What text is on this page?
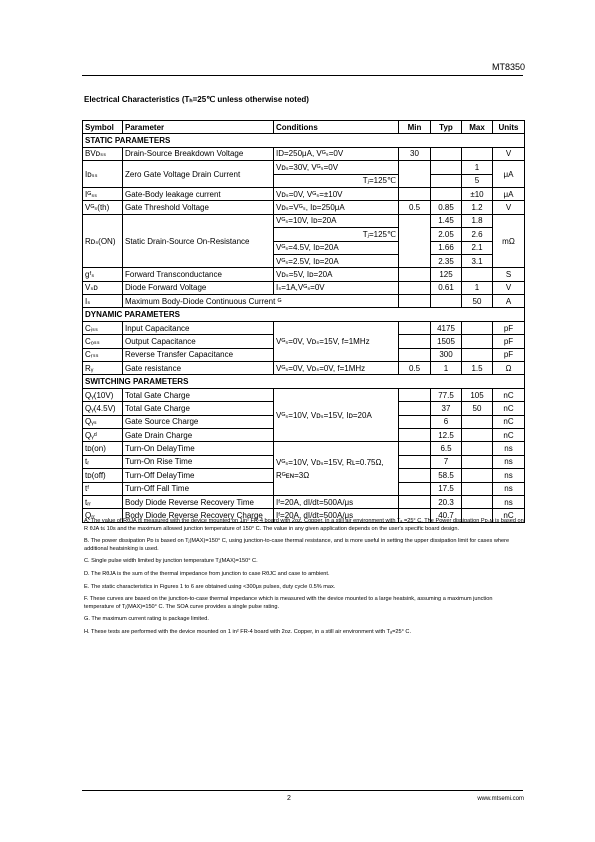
MT8350
Electrical Characteristics (Tₕ=25℃ unless otherwise noted)
Symbol	Parameter	Conditions	Min	Typ	Max	Units
STATIC PARAMETERS						
BVᴅₛₛ	Drain-Source Breakdown Voltage	ID=250μA, Vᴳₛ=0V	30			V
Iᴅₛₛ	Zero Gate Voltage Drain Current	Vᴅₛ=30V, Vᴳₛ=0V			1	μA
		Tⱼ=125℃			5	
Iᴳₛₛ	Gate-Body leakage current	Vᴅₛ=0V, Vᴳₛ=±10V			±10	μA
Vᴳₛ(th)	Gate Threshold Voltage	Vᴅₛ=Vᴳₛ, Iᴅ=250μA	0.5	0.85	1.2	V
Rᴅₛ(ON)	Static Drain-Source On-Resistance	Vᴳₛ=10V, Iᴅ=20A		1.45	1.8	mΩ
		Tⱼ=125℃		2.05	2.6	
		Vᴳₛ=4.5V, Iᴅ=20A		1.66	2.1	
		Vᴳₛ=2.5V, Iᴅ=20A		2.35	3.1	
gᶠₛ	Forward Transconductance	Vᴅₛ=5V, Iᴅ=20A		125		S
Vₛᴅ	Diode Forward Voltage	Iₛ=1A,Vᴳₛ=0V		0.61	1	V
Iₛ	Maximum Body-Diode Continuous Current ᴳ				50	A
DYNAMIC PARAMETERS						
Cᵢₛₛ	Input Capacitance	Vᴳₛ=0V, Vᴅₛ=15V, f=1MHz		4175		pF
Cₒₛₛ	Output Capacitance			1505		pF
Cᵣₛₛ	Reverse Transfer Capacitance			300		pF
Rᵧ	Gate resistance	Vᴳₛ=0V, Vᴅₛ=0V, f=1MHz	0.5	1	1.5	Ω
SWITCHING PARAMETERS						
Qᵧ(10V)	Total Gate Charge	Vᴳₛ=10V, Vᴅₛ=15V, Iᴅ=20A		77.5	105	nC
Qᵧ(4.5V)	Total Gate Charge			37	50	nC
Qᵧₛ	Gate Source Charge			6		nC
Qᵧᵈ	Gate Drain Charge			12.5		nC
tᴅ(on)	Turn-On DelayTime	Vᴳₛ=10V, Vᴅₛ=15V, Rʟ=0.75Ω,
Rᴳᴇɴ=3Ω		6.5		ns
tᵣ	Turn-On Rise Time			7		ns
tᴅ(off)	Turn-Off DelayTime			58.5		ns
tᶠ	Turn-Off Fall Time			17.5		ns
tᵣᵣ	Body Diode Reverse Recovery Time	Iᶠ=20A, dI/dt=500A/μs		20.3		ns
Qᵣᵣ	Body Diode Reverse Recovery Charge	Iᶠ=20A, dI/dt=500A/μs		40.7		nC

A. The value of RθJA is measured with the device mounted on 1in² FR-4 board with 2oz. Copper, in a still air environment with Tₐ =25° C. The Power dissipation Pᴅₛᴍ is based on R θJA t≤ 10s and the maximum allowed junction temperature of 150° C. The value in any given application depends on the user's specific board design.

B. The power dissipation Pᴅ is based on Tⱼ(MAX)=150° C, using junction-to-case thermal resistance, and is more useful in setting the upper dissipation limit for cases where additional heatsinking is used.

C. Single pulse width limited by junction temperature Tⱼ(MAX)=150° C.

D. The RθJA is the sum of the thermal impedance from junction to case RθJC and case to ambient.

E. The static characteristics in Figures 1 to 6 are obtained using <300μs pulses, duty cycle 0.5% max.

F. These curves are based on the junction-to-case thermal impedance which is measured with the device mounted to a large heatsink, assuming a maximum junction temperature of Tⱼ(MAX)=150° C. The SOA curve provides a single pulse rating.

G. The maximum current rating is package limited.

H. These tests are performed with the device mounted on 1 in² FR-4 board with 2oz. Copper, in a still air environment with Tₐ=25° C.

2	www.mtsemi.com
